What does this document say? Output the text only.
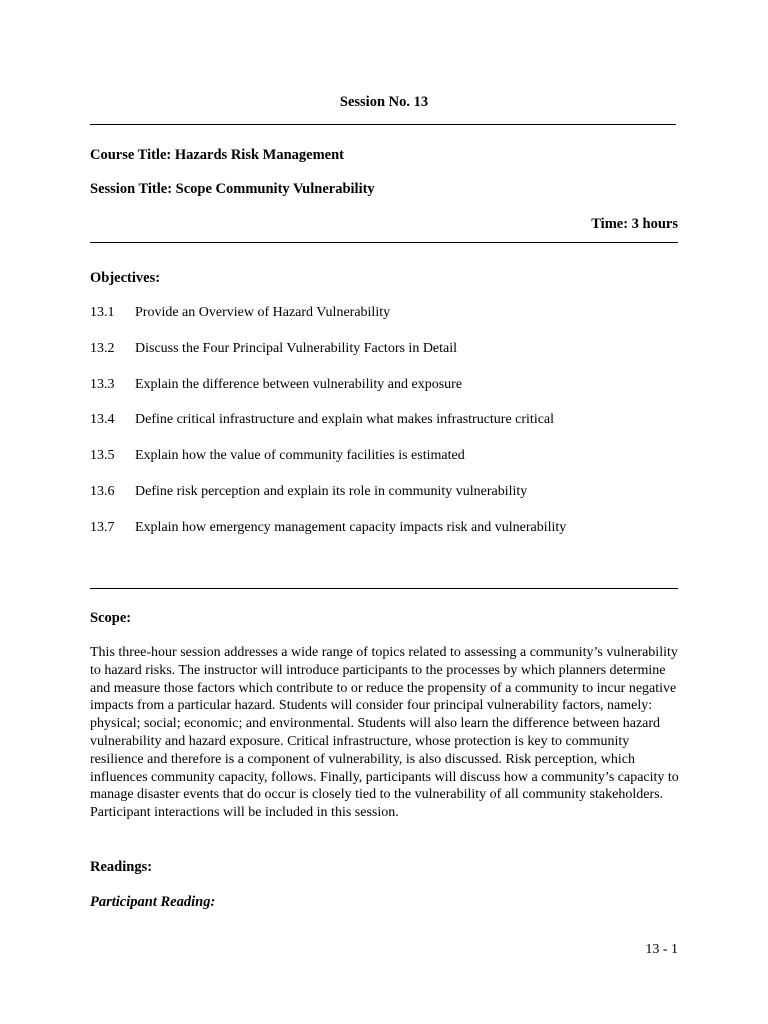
Session No. 13
Course Title: Hazards Risk Management
Session Title: Scope Community Vulnerability
Time: 3 hours
Objectives:
13.1 Provide an Overview of Hazard Vulnerability
13.2 Discuss the Four Principal Vulnerability Factors in Detail
13.3 Explain the difference between vulnerability and exposure
13.4 Define critical infrastructure and explain what makes infrastructure critical
13.5 Explain how the value of community facilities is estimated
13.6 Define risk perception and explain its role in community vulnerability
13.7 Explain how emergency management capacity impacts risk and vulnerability
Scope:
This three-hour session addresses a wide range of topics related to assessing a community’s vulnerability to hazard risks. The instructor will introduce participants to the processes by which planners determine and measure those factors which contribute to or reduce the propensity of a community to incur negative impacts from a particular hazard. Students will consider four principal vulnerability factors, namely: physical; social; economic; and environmental. Students will also learn the difference between hazard vulnerability and hazard exposure. Critical infrastructure, whose protection is key to community resilience and therefore is a component of vulnerability, is also discussed. Risk perception, which influences community capacity, follows. Finally, participants will discuss how a community’s capacity to manage disaster events that do occur is closely tied to the vulnerability of all community stakeholders. Participant interactions will be included in this session.
Readings:
Participant Reading:
13 - 1
